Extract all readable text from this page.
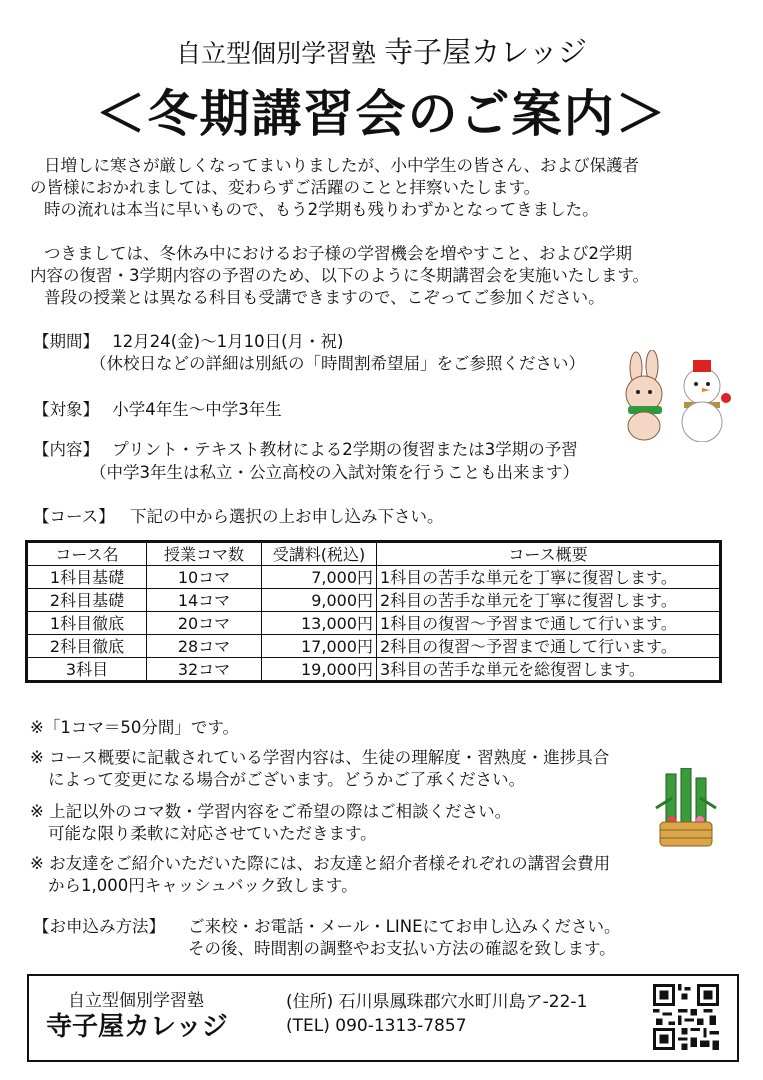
自立型個別学習塾 寺子屋カレッジ
＜冬期講習会のご案内＞
日増しに寒さが厳しくなってまいりましたが、小中学生の皆さん、および保護者
の皆様におかれましては、変わらずご活躍のことと拝察いたします。
時の流れは本当に早いもので、もう2学期も残りわずかとなってきました。
つきましては、冬休み中におけるお子様の学習機会を増やすこと、および2学期
内容の復習・3学期内容の予習のため、以下のように冬期講習会を実施いたします。
普段の授業とは異なる科目も受講できますので、こぞってご参加ください。
【期間】 12月24(金)～1月10日(月・祝)
（休校日などの詳細は別紙の「時間割希望届」をご参照ください）
【対象】 小学4年生～中学3年生
【内容】 プリント・テキスト教材による2学期の復習または3学期の予習
（中学3年生は私立・公立高校の入試対策を行うことも出来ます）
【コース】 下記の中から選択の上お申し込み下さい。
コース名	授業コマ数	受講料(税込)	コース概要
1科目基礎	10コマ	7,000円	1科目の苦手な単元を丁寧に復習します。
2科目基礎	14コマ	9,000円	2科目の苦手な単元を丁寧に復習します。
1科目徹底	20コマ	13,000円	1科目の復習～予習まで通して行います。
2科目徹底	28コマ	17,000円	2科目の復習～予習まで通して行います。
3科目	32コマ	19,000円	3科目の苦手な単元を総復習します。
※「1コマ＝50分間」です。
※ コース概要に記載されている学習内容は、生徒の理解度・習熟度・進捗具合
によって変更になる場合がございます。どうかご了承ください。
※ 上記以外のコマ数・学習内容をご希望の際はご相談ください。
可能な限り柔軟に対応させていただきます。
※ お友達をご紹介いただいた際には、お友達と紹介者様それぞれの講習会費用
から1,000円キャッシュバック致します。
【お申込み方法】 ご来校・お電話・メール・LINEにてお申し込みください。
その後、時間割の調整やお支払い方法の確認を致します。
自立型個別学習塾
寺子屋カレッジ
(住所) 石川県鳳珠郡穴水町川島ア-22-1
(TEL) 090-1313-7857
